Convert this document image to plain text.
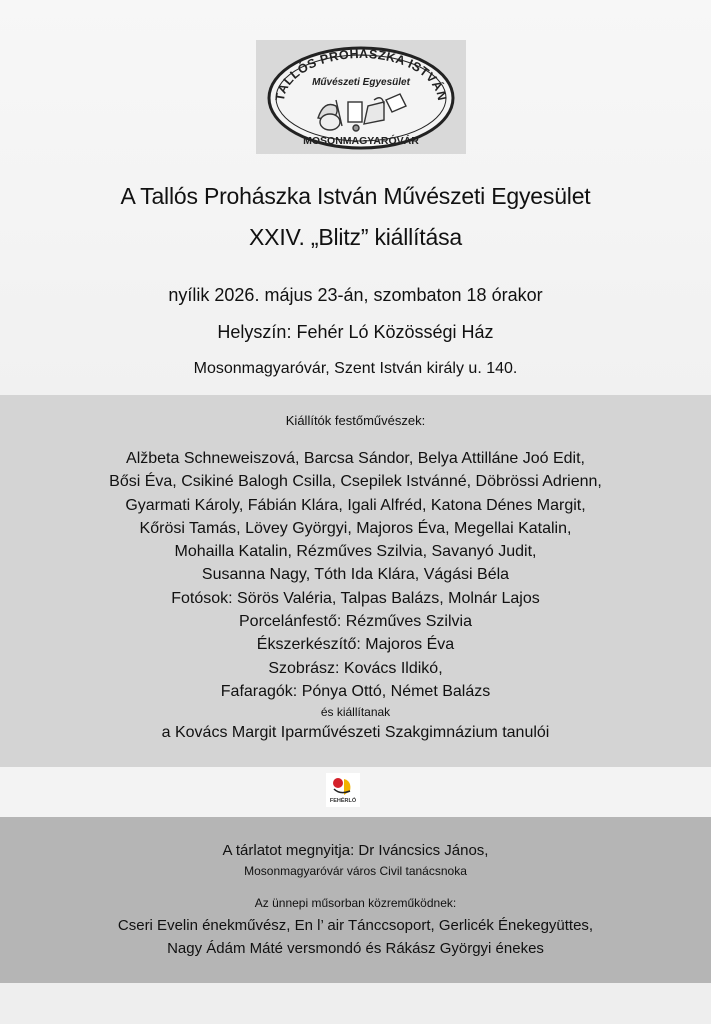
TALLÓS PROHÁSZKA ISTVÁN
Művészeti Egyesület
MOSONMAGYARÓVÁR
A Tallós Prohászka István Művészeti Egyesület
XXIV. „Blitz” kiállítása
nyílik 2026. május 23-án, szombaton 18 órakor
Helyszín: Fehér Ló Közösségi Ház
Mosonmagyaróvár, Szent István király u. 140.
Kiállítók festőművészek:
Alžbeta Schneweiszová, Barcsa Sándor, Belya Attilláne Joó Edit,
Bősi Éva, Csikiné Balogh Csilla, Csepilek Istvánné, Döbrössi Adrienn,
Gyarmati Károly, Fábián Klára, Igali Alfréd, Katona Dénes Margit,
Kőrösi Tamás, Lövey Györgyi, Majoros Éva, Megellai Katalin,
Mohailla Katalin, Rézműves Szilvia, Savanyó Judit,
Susanna Nagy, Tóth Ida Klára, Vágási Béla
Fotósok: Sörös Valéria, Talpas Balázs, Molnár Lajos
Porcelánfestő: Rézműves Szilvia
Ékszerkészítő: Majoros Éva
Szobrász: Kovács Ildikó,
Fafaragók: Pónya Ottó, Német Balázs
és kiállítanak
a Kovács Margit Iparművészeti Szakgimnázium tanulói
FEHÉRLÓ
A tárlatot megnyitja: Dr Iváncsics János,
Mosonmagyaróvár város Civil tanácsnoka
Az ünnepi műsorban közreműködnek:
Cseri Evelin énekművész, En l’ air Tánccsoport, Gerlicék Énekegyüttes,
Nagy Ádám Máté versmondó és Rákász Györgyi énekes
